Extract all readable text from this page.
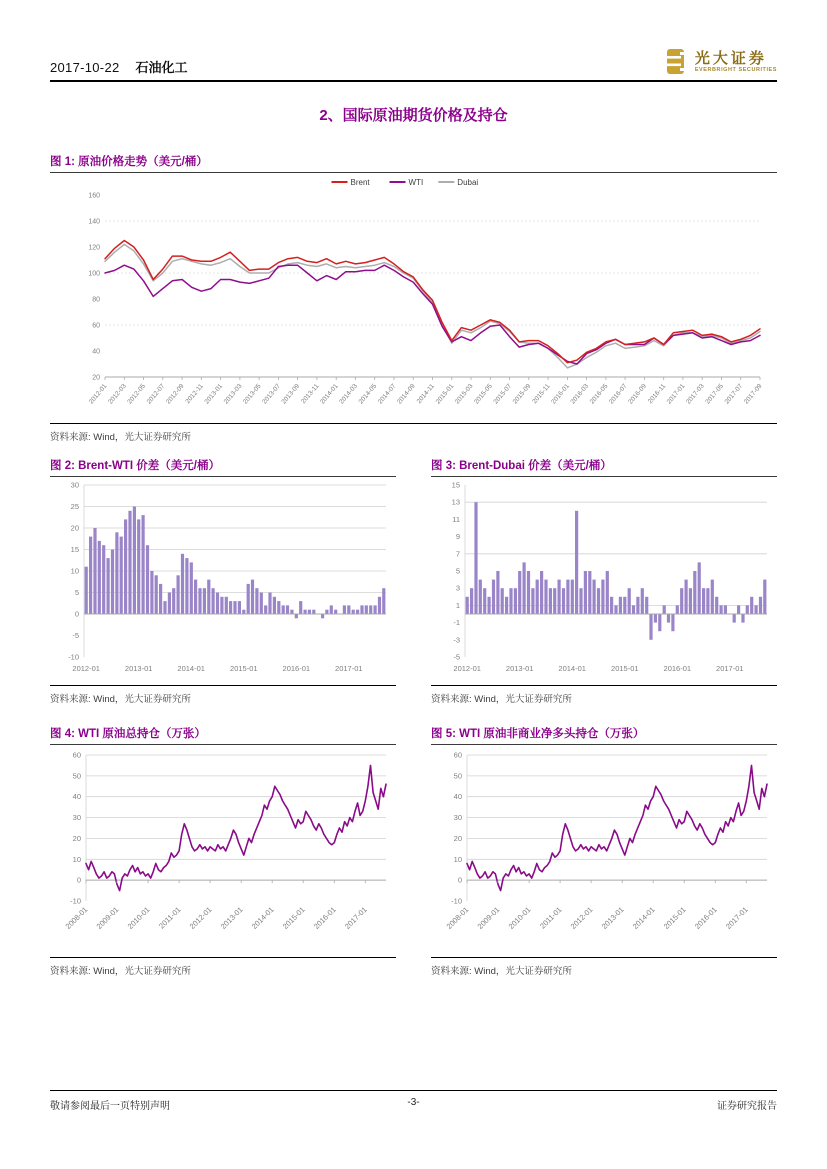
2017-10-22 石油化工
光大证券
EVERBRIGHT SECURITIES
2、国际原油期货价格及持仓
图 1: 原油价格走势（美元/桶）
20
40
60
80
100
120
140
160
2012-01
2012-03
2012-05
2012-07
2012-09
2012-11
2013-01
2013-03
2013-05
2013-07
2013-09
2013-11
2014-01
2014-03
2014-05
2014-07
2014-09
2014-11
2015-01
2015-03
2015-05
2015-07
2015-09
2015-11
2016-01
2016-03
2016-05
2016-07
2016-09
2016-11
2017-01
2017-03
2017-05
2017-07
2017-09
Brent	WTI	Dubai
资料来源: Wind，光大证券研究所
图 2: Brent-WTI 价差（美元/桶）
-10
-5
0
5
10
15
20
25
30
2012-01	2013-01	2014-01	2015-01	2016-01	2017-01
资料来源: Wind，光大证券研究所
图 3: Brent-Dubai 价差（美元/桶）
-5
-3
-1
1
3
5
7
9
11
13
15
2012-01	2013-01	2014-01	2015-01	2016-01	2017-01
资料来源: Wind，光大证券研究所
图 4: WTI 原油总持仓（万张）
-10
0
10
20
30
40
50
60
2008-01 2009-01 2010-01 2011-01 2012-01 2013-01 2014-01 2015-01 2016-01 2017-01
资料来源: Wind，光大证券研究所
图 5: WTI 原油非商业净多头持仓（万张）
-10
0
10
20
30
40
50
60
2008-01 2009-01 2010-01 2011-01 2012-01 2013-01 2014-01 2015-01 2016-01 2017-01
资料来源: Wind，光大证券研究所
敬请参阅最后一页特别声明	-3-	证券研究报告
